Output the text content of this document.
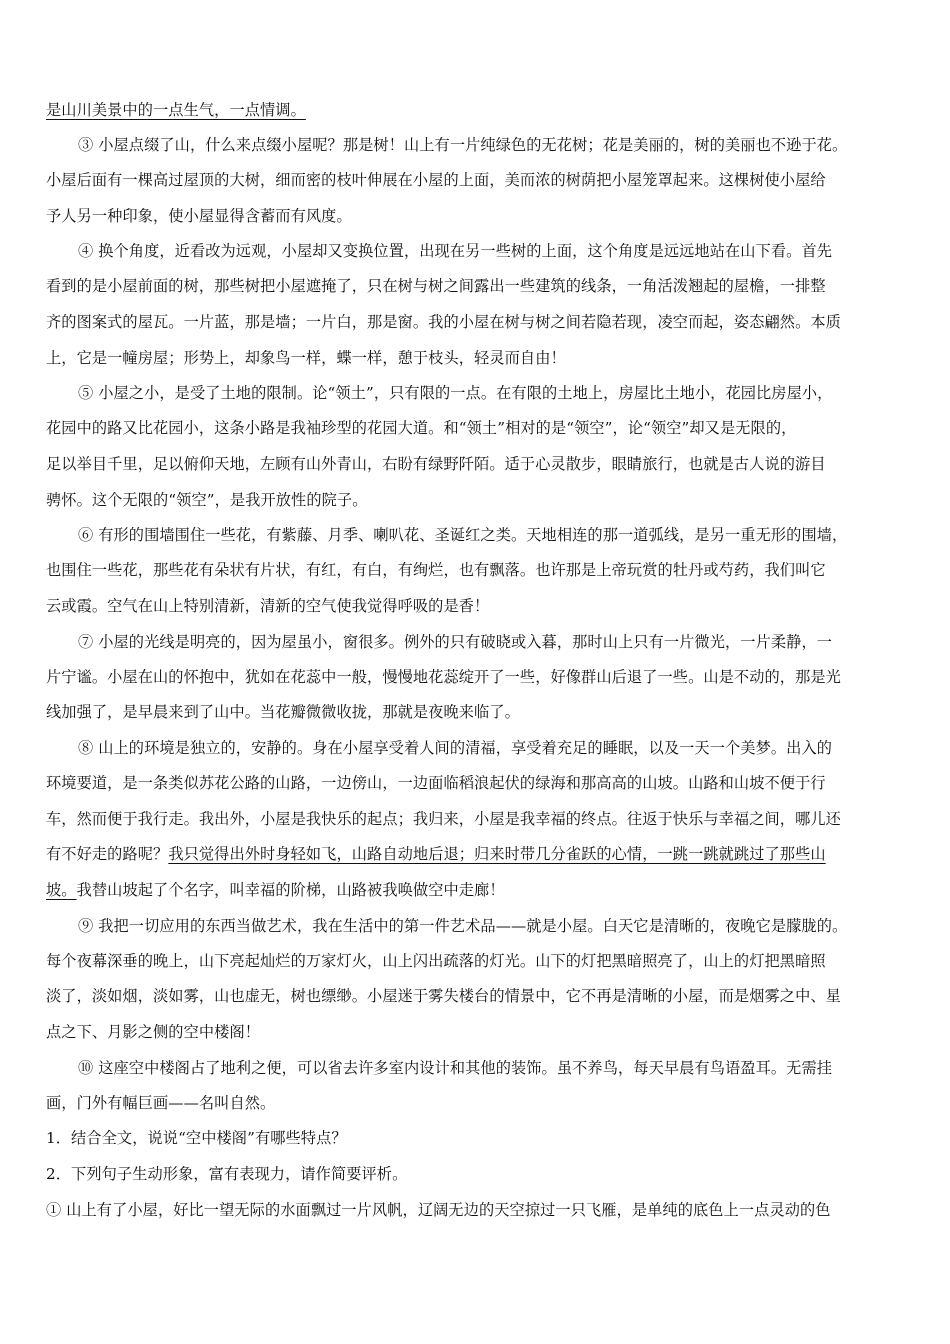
是山川美景中的一点生气，一点情调。
③ 小屋点缀了山，什么来点缀小屋呢？那是树！山上有一片纯绿色的无花树；花是美丽的，树的美丽也不逊于花。
小屋后面有一棵高过屋顶的大树，细而密的枝叶伸展在小屋的上面，美而浓的树荫把小屋笼罩起来。这棵树使小屋给
予人另一种印象，使小屋显得含蓄而有风度。
④ 换个角度，近看改为远观，小屋却又变换位置，出现在另一些树的上面，这个角度是远远地站在山下看。首先
看到的是小屋前面的树，那些树把小屋遮掩了，只在树与树之间露出一些建筑的线条，一角活泼翘起的屋檐，一排整
齐的图案式的屋瓦。一片蓝，那是墙；一片白，那是窗。我的小屋在树与树之间若隐若现，凌空而起，姿态翩然。本质
上，它是一幢房屋；形势上，却象鸟一样，蝶一样，憩于枝头，轻灵而自由！
⑤ 小屋之小，是受了土地的限制。论“领土”，只有限的一点。在有限的土地上，房屋比土地小，花园比房屋小，
花园中的路又比花园小，这条小路是我袖珍型的花园大道。和“领土”相对的是“领空”，论“领空”却又是无限的，
足以举目千里，足以俯仰天地，左顾有山外青山，右盼有绿野阡陌。适于心灵散步，眼睛旅行，也就是古人说的游目
骋怀。这个无限的“领空”，是我开放性的院子。
⑥ 有形的围墙围住一些花，有紫藤、月季、喇叭花、圣诞红之类。天地相连的那一道弧线，是另一重无形的围墙，
也围住一些花，那些花有朵状有片状，有红，有白，有绚烂，也有飘落。也许那是上帝玩赏的牡丹或芍药，我们叫它
云或霞。空气在山上特别清新，清新的空气使我觉得呼吸的是香！
⑦ 小屋的光线是明亮的，因为屋虽小，窗很多。例外的只有破晓或入暮，那时山上只有一片微光，一片柔静，一
片宁谧。小屋在山的怀抱中，犹如在花蕊中一般，慢慢地花蕊绽开了一些，好像群山后退了一些。山是不动的，那是光
线加强了，是早晨来到了山中。当花瓣微微收拢，那就是夜晚来临了。
⑧ 山上的环境是独立的，安静的。身在小屋享受着人间的清福，享受着充足的睡眠，以及一天一个美梦。出入的
环境要道，是一条类似苏花公路的山路，一边傍山，一边面临稻浪起伏的绿海和那高高的山坡。山路和山坡不便于行
车，然而便于我行走。我出外，小屋是我快乐的起点；我归来，小屋是我幸福的终点。往返于快乐与幸福之间，哪儿还
有不好走的路呢？我只觉得出外时身轻如飞，山路自动地后退；归来时带几分雀跃的心情，一跳一跳就跳过了那些山
坡。我替山坡起了个名字，叫幸福的阶梯，山路被我唤做空中走廊！
⑨ 我把一切应用的东西当做艺术，我在生活中的第一件艺术品——就是小屋。白天它是清晰的，夜晚它是朦胧的。
每个夜幕深垂的晚上，山下亮起灿烂的万家灯火，山上闪出疏落的灯光。山下的灯把黑暗照亮了，山上的灯把黑暗照
淡了，淡如烟，淡如雾，山也虚无，树也缥缈。小屋迷于雾失楼台的情景中，它不再是清晰的小屋，而是烟雾之中、星
点之下、月影之侧的空中楼阁！
⑩ 这座空中楼阁占了地利之便，可以省去许多室内设计和其他的装饰。虽不养鸟，每天早晨有鸟语盈耳。无需挂
画，门外有幅巨画——名叫自然。
1．结合全文，说说“空中楼阁”有哪些特点？
2．下列句子生动形象，富有表现力，请作简要评析。
① 山上有了小屋，好比一望无际的水面飘过一片风帆，辽阔无边的天空掠过一只飞雁，是单纯的底色上一点灵动的色
